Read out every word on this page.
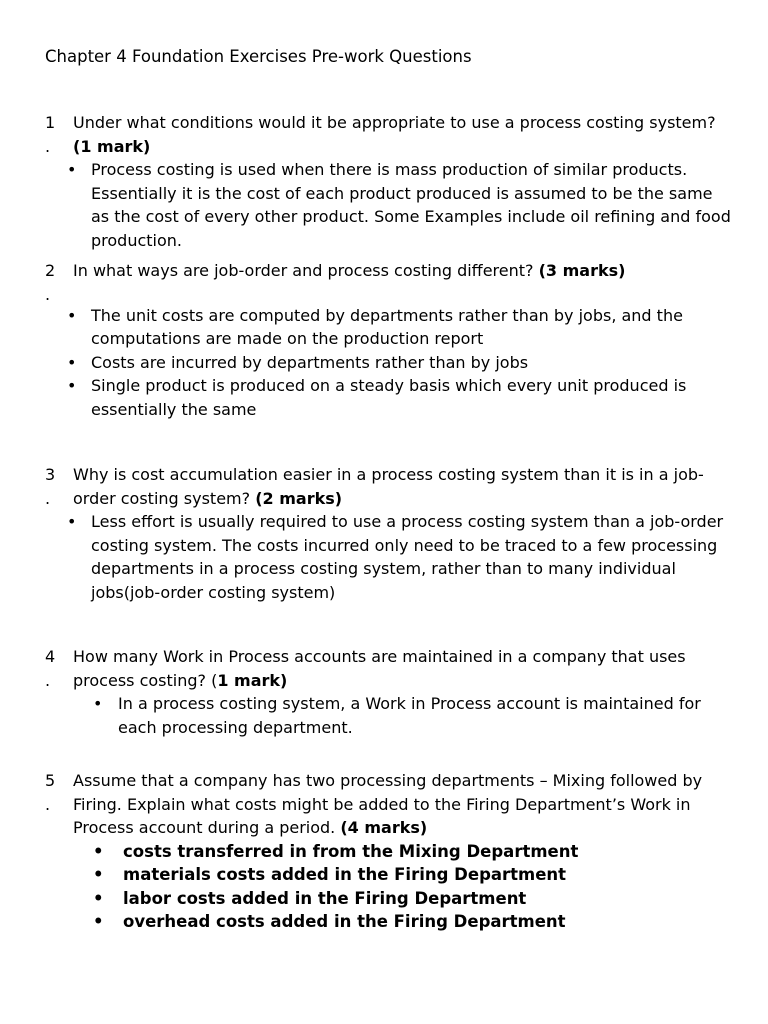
Chapter 4 Foundation Exercises Pre-work Questions
1
.
Under what conditions would it be appropriate to use a process costing system? (1 mark)
• Process costing is used when there is mass production of similar products. Essentially it is the cost of each product produced is assumed to be the same as the cost of every other product. Some Examples include oil refining and food production.
2
.
In what ways are job-order and process costing different? (3 marks)
• The unit costs are computed by departments rather than by jobs, and the computations are made on the production report
• Costs are incurred by departments rather than by jobs
• Single product is produced on a steady basis which every unit produced is essentially the same
3
.
Why is cost accumulation easier in a process costing system than it is in a job-order costing system? (2 marks)
• Less effort is usually required to use a process costing system than a job-order costing system. The costs incurred only need to be traced to a few processing departments in a process costing system, rather than to many individual jobs(job-order costing system)
4
.
How many Work in Process accounts are maintained in a company that uses process costing? (1 mark)
• In a process costing system, a Work in Process account is maintained for each processing department.
5
.
Assume that a company has two processing departments – Mixing followed by Firing. Explain what costs might be added to the Firing Department’s Work in Process account during a period. (4 marks)
• costs transferred in from the Mixing Department
• materials costs added in the Firing Department
• labor costs added in the Firing Department
• overhead costs added in the Firing Department
